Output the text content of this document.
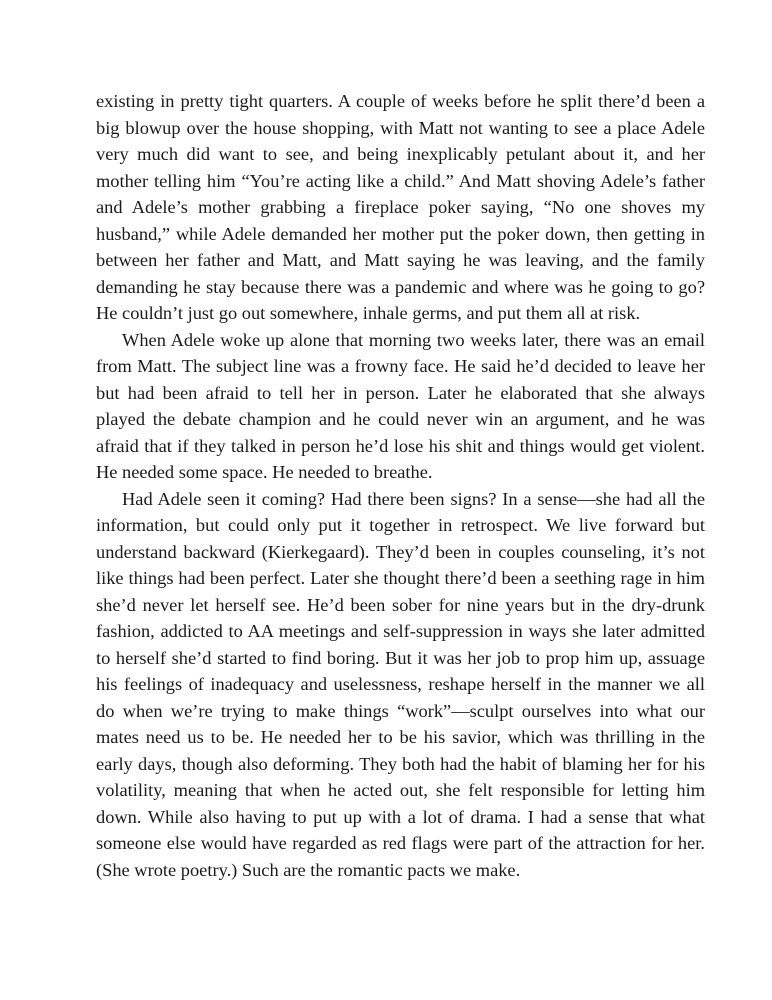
existing in pretty tight quarters. A couple of weeks before he split there’d been a big blowup over the house shopping, with Matt not wanting to see a place Adele very much did want to see, and being inexplicably petulant about it, and her mother telling him “You’re acting like a child.” And Matt shoving Adele’s father and Adele’s mother grabbing a fireplace poker saying, “No one shoves my husband,” while Adele demanded her mother put the poker down, then getting in between her father and Matt, and Matt saying he was leaving, and the family demanding he stay because there was a pandemic and where was he going to go? He couldn’t just go out somewhere, inhale germs, and put them all at risk.

When Adele woke up alone that morning two weeks later, there was an email from Matt. The subject line was a frowny face. He said he’d decided to leave her but had been afraid to tell her in person. Later he elaborated that she always played the debate champion and he could never win an argument, and he was afraid that if they talked in person he’d lose his shit and things would get violent. He needed some space. He needed to breathe.

Had Adele seen it coming? Had there been signs? In a sense—she had all the information, but could only put it together in retrospect. We live forward but understand backward (Kierkegaard). They’d been in couples counseling, it’s not like things had been perfect. Later she thought there’d been a seething rage in him she’d never let herself see. He’d been sober for nine years but in the dry-drunk fashion, addicted to AA meetings and self-suppression in ways she later admitted to herself she’d started to find boring. But it was her job to prop him up, assuage his feelings of inadequacy and uselessness, reshape herself in the manner we all do when we’re trying to make things “work”—sculpt ourselves into what our mates need us to be. He needed her to be his savior, which was thrilling in the early days, though also deforming. They both had the habit of blaming her for his volatility, meaning that when he acted out, she felt responsible for letting him down. While also having to put up with a lot of drama. I had a sense that what someone else would have regarded as red flags were part of the attraction for her. (She wrote poetry.) Such are the romantic pacts we make.
